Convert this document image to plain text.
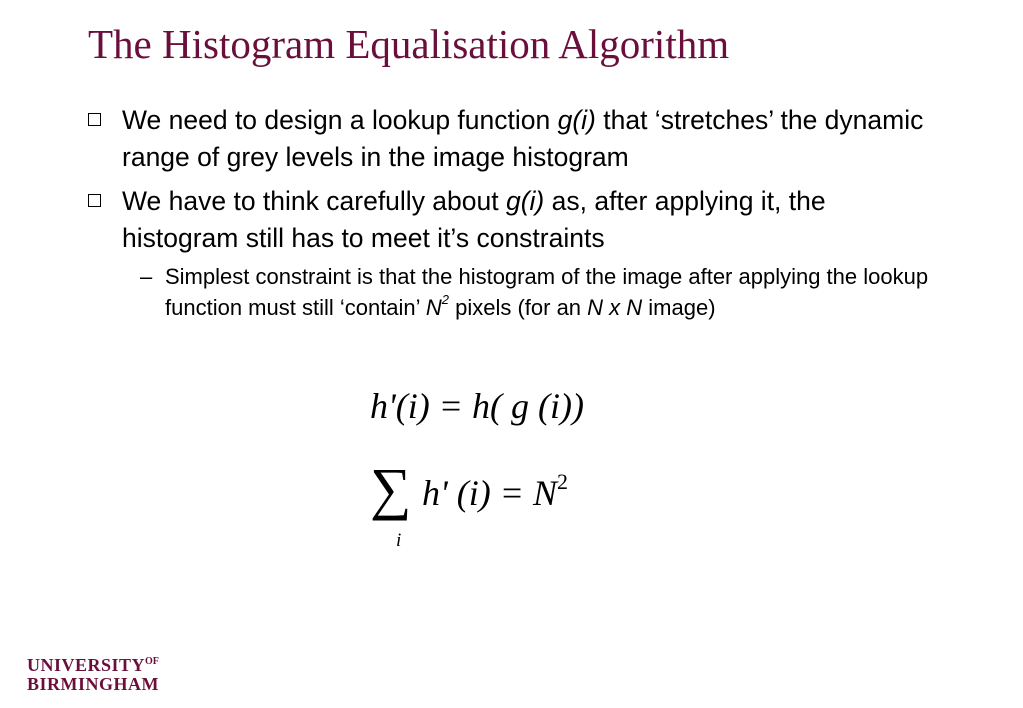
The Histogram Equalisation Algorithm
We need to design a lookup function g(i) that ‘stretches’ the dynamic range of grey levels in the image histogram
We have to think carefully about g(i) as, after applying it, the histogram still has to meet it’s constraints
– Simplest constraint is that the histogram of the image after applying the lookup function must still ‘contain’ $N^2$ pixels (for an N x N image)
h'(i) = h( g (i))
∑ h' $(i) = N^2$
i
$UNIVERSITY^{OF}$
BIRMINGHAM
